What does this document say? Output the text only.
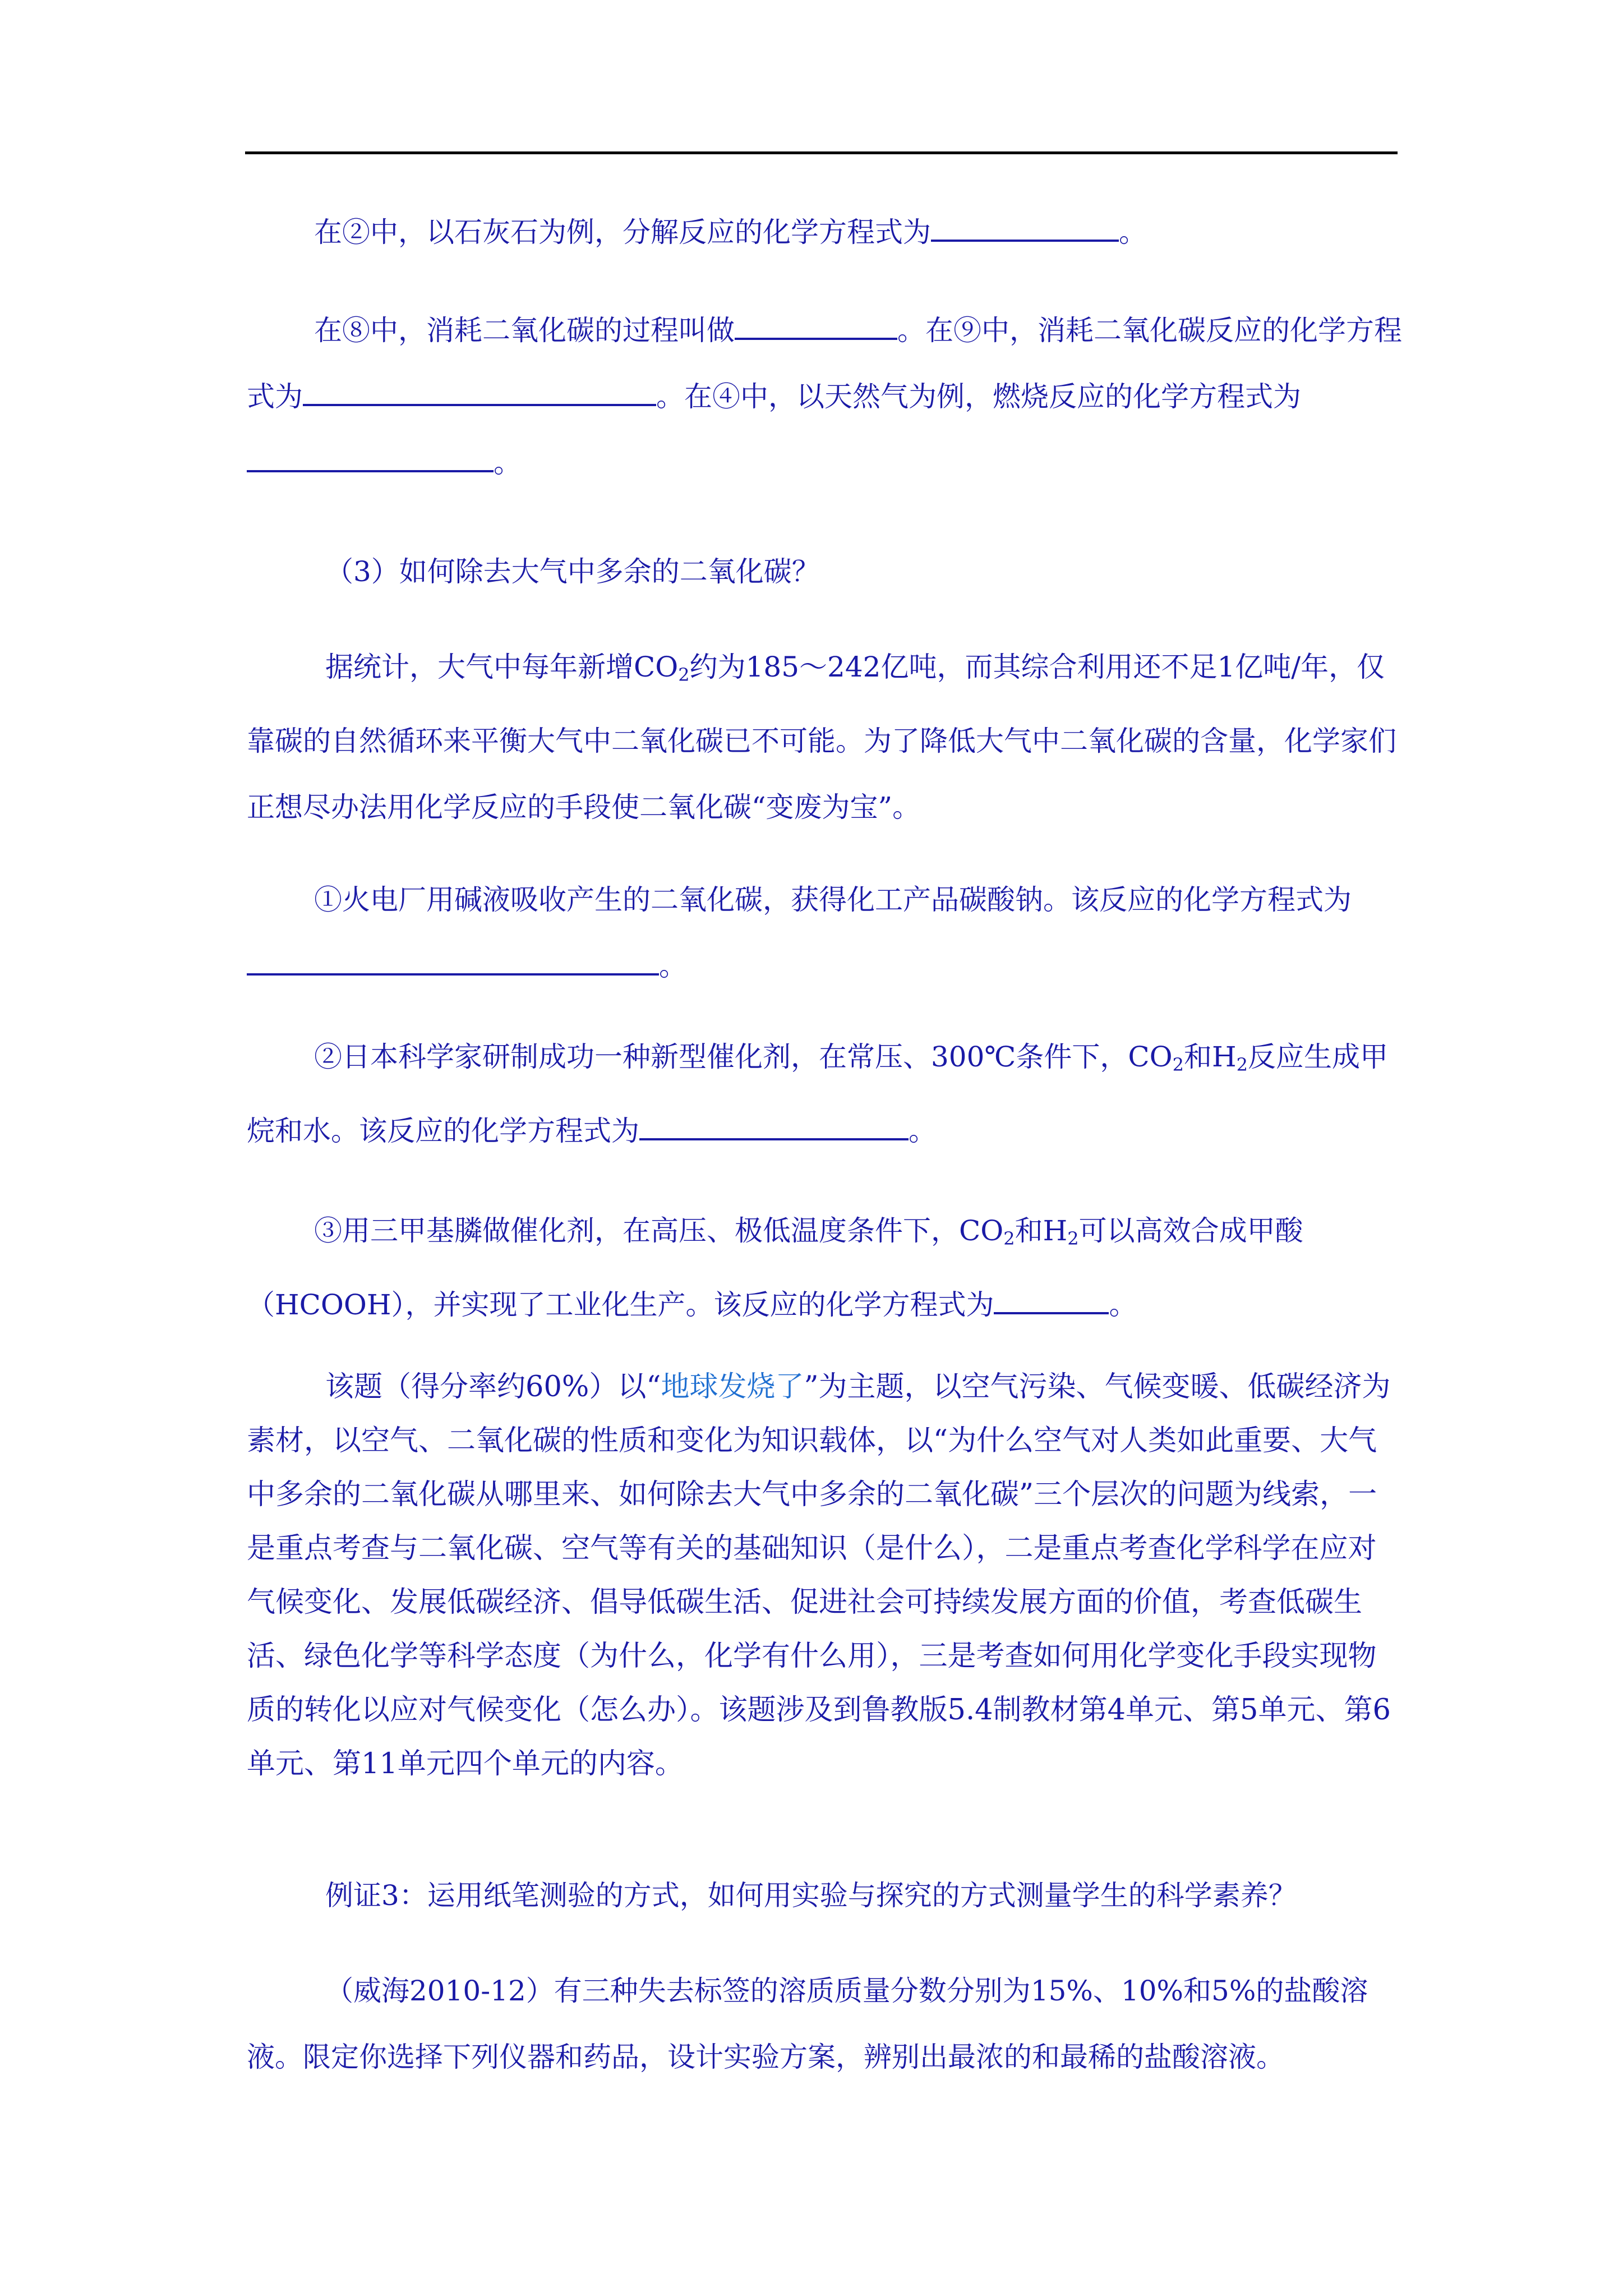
在②中，以石灰石为例，分解反应的化学方程式为	。

在⑧中，消耗二氧化碳的过程叫做	。在⑨中，消耗二氧化碳反应的化学方程式为	。在④中，以天然气为例，燃烧反应的化学方程式为。

（3）如何除去大气中多余的二氧化碳？

据统计，大气中每年新增$CO_2$约为185～242亿吨，而其综合利用还不足1亿吨/年，仅靠碳的自然循环来平衡大气中二氧化碳已不可能。为了降低大气中二氧化碳的含量，化学家们正想尽办法用化学反应的手段使二氧化碳“变废为宝”。

①火电厂用碱液吸收产生的二氧化碳，获得化工产品碳酸钠。该反应的化学方程式为。

②日本科学家研制成功一种新型催化剂，在常压、300℃条件下，$CO_2$和$H_2$反应生成甲烷和水。该反应的化学方程式为	。

③用三甲基膦做催化剂，在高压、极低温度条件下，$CO_2$和$H_2$可以高效合成甲酸（HCOOH），并实现了工业化生产。该反应的化学方程式为	。

该题（得分率约60%）以“地球发烧了”为主题，以空气污染、气候变暖、低碳经济为素材，以空气、二氧化碳的性质和变化为知识载体，以“为什么空气对人类如此重要、大气中多余的二氧化碳从哪里来、如何除去大气中多余的二氧化碳”三个层次的问题为线索，一是重点考查与二氧化碳、空气等有关的基础知识（是什么），二是重点考查化学科学在应对气候变化、发展低碳经济、倡导低碳生活、促进社会可持续发展方面的价值，考查低碳生活、绿色化学等科学态度（为什么，化学有什么用），三是考查如何用化学变化手段实现物质的转化以应对气候变化（怎么办）。该题涉及到鲁教版5.4制教材第4单元、第5单元、第6单元、第11单元四个单元的内容。

例证3：运用纸笔测验的方式，如何用实验与探究的方式测量学生的科学素养？

（威海2010-12）有三种失去标签的溶质质量分数分别为15%、10%和5%的盐酸溶液。限定你选择下列仪器和药品，设计实验方案，辨别出最浓的和最稀的盐酸溶液。
